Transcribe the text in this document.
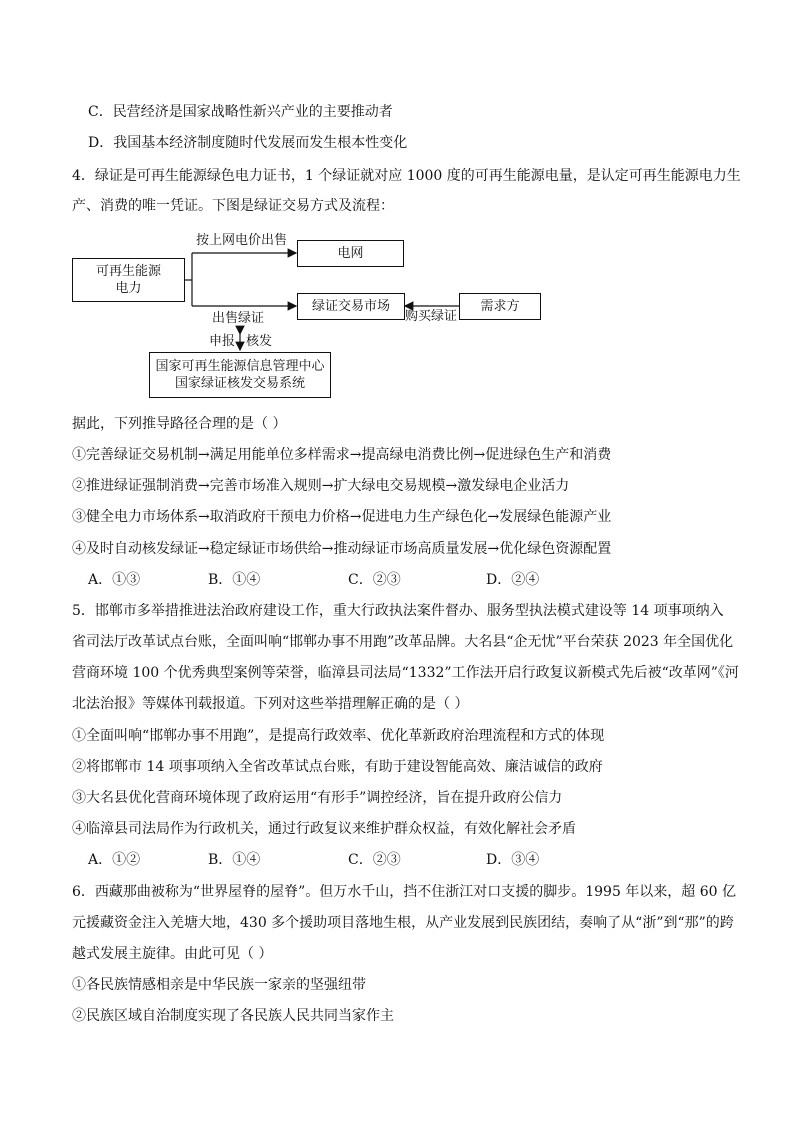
C．民营经济是国家战略性新兴产业的主要推动者
D．我国基本经济制度随时代发展而发生根本性变化
4．绿证是可再生能源绿色电力证书，1 个绿证就对应 1000 度的可再生能源电量，是认定可再生能源电力生
产、消费的唯一凭证。下图是绿证交易方式及流程：
可再生能源
电力
电网
绿证交易市场	需求方
国家可再生能源信息管理中心
国家绿证核发交易系统
按上网电价出售
出售绿证	购买绿证
申报 核发
据此，下列推导路径合理的是（ ）
①完善绿证交易机制→满足用能单位多样需求→提高绿电消费比例→促进绿色生产和消费
②推进绿证强制消费→完善市场准入规则→扩大绿电交易规模→激发绿电企业活力
③健全电力市场体系→取消政府干预电力价格→促进电力生产绿色化→发展绿色能源产业
④及时自动核发绿证→稳定绿证市场供给→推动绿证市场高质量发展→优化绿色资源配置
A．①③	B．①④	C．②③	D．②④
5．邯郸市多举措推进法治政府建设工作，重大行政执法案件督办、服务型执法模式建设等 14 项事项纳入
省司法厅改革试点台账，全面叫响“邯郸办事不用跑”改革品牌。大名县“企无忧”平台荣获 2023 年全国优化
营商环境 100 个优秀典型案例等荣誉，临漳县司法局“1332”工作法开启行政复议新模式先后被“改革网”《河
北法治报》等媒体刊载报道。下列对这些举措理解正确的是（ ）
①全面叫响“邯郸办事不用跑”，是提高行政效率、优化革新政府治理流程和方式的体现
②将邯郸市 14 项事项纳入全省改革试点台账，有助于建设智能高效、廉洁诚信的政府
③大名县优化营商环境体现了政府运用“有形手”调控经济，旨在提升政府公信力
④临漳县司法局作为行政机关，通过行政复议来维护群众权益，有效化解社会矛盾
A．①②	B．①④	C．②③	D．③④
6．西藏那曲被称为“世界屋脊的屋脊”。但万水千山，挡不住浙江对口支援的脚步。1995 年以来，超 60 亿
元援藏资金注入羌塘大地，430 多个援助项目落地生根，从产业发展到民族团结，奏响了从“浙”到“那”的跨
越式发展主旋律。由此可见（ ）
①各民族情感相亲是中华民族一家亲的坚强纽带
②民族区域自治制度实现了各民族人民共同当家作主
